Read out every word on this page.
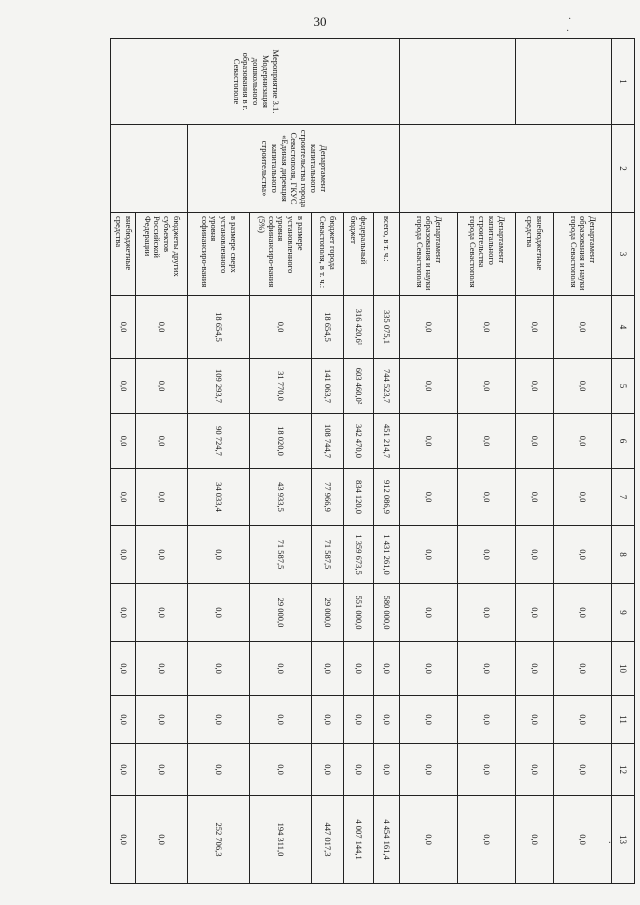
30	·
·
·
1	2	3	4	5	6	7	8	9	10	11	12	13
		Департамент образования и науки города Севастополя	0,0	0,0	0,0	0,0	0,0	0,0	0,0	0,0	0,0	0,0
		внебюджетные средства	0,0	0,0	0,0	0,0	0,0	0,0	0,0	0,0	0,0	0,0
		Департамент капитального строительства города Севастополя	0,0	0,0	0,0	0,0	0,0	0,0	0,0	0,0	0,0	0,0
		Департамент образования и науки города Севастополя	0,0	0,0	0,0	0,0	0,0	0,0	0,0	0,0	0,0	0,0
Мероприятие 3.1. Модернизация дошкольного образования в г. Севастополе	Департамент капитального строительства города Севастополя, ГКУС «Единая дирекция капитального строительства»	всего, в т. ч.:	335 075,1	744 523,7	451 214,7	912 086,9	1 431 261,0	580 000,0	0,0	0,0	0,0	4 454 161,4
		федеральный бюджет	316 420,6¹	603 460,0²	342 470,0	834 120,0	1 359 673,5	551 000,0	0,0	0,0	0,0	4 007 144,1
		бюджет города Севастополя, в т. ч.:	18 654,5	141 063,7	108 744,7	77 966,9	71 587,5	29 000,0	0,0	0,0	0,0	447 017,3
		в размере установленного уровня софинансиро-вания (5%)	0,0	31 770,0	18 020,0	43 933,5	71 587,5	29 000,0	0,0	0,0	0,0	194 311,0
		в размере сверх установленного уровня софинансиро-вания	18 654,5	109 293,7	90 724,7	34 033,4	0,0	0,0	0,0	0,0	0,0	252 706,3
		бюджеты других субъектов Российской Федерации	0,0	0,0	0,0	0,0	0,0	0,0	0,0	0,0	0,0	0,0
		внебюджетные средства	0,0	0,0	0,0	0,0	0,0	0,0	0,0	0,0	0,0	0,0
